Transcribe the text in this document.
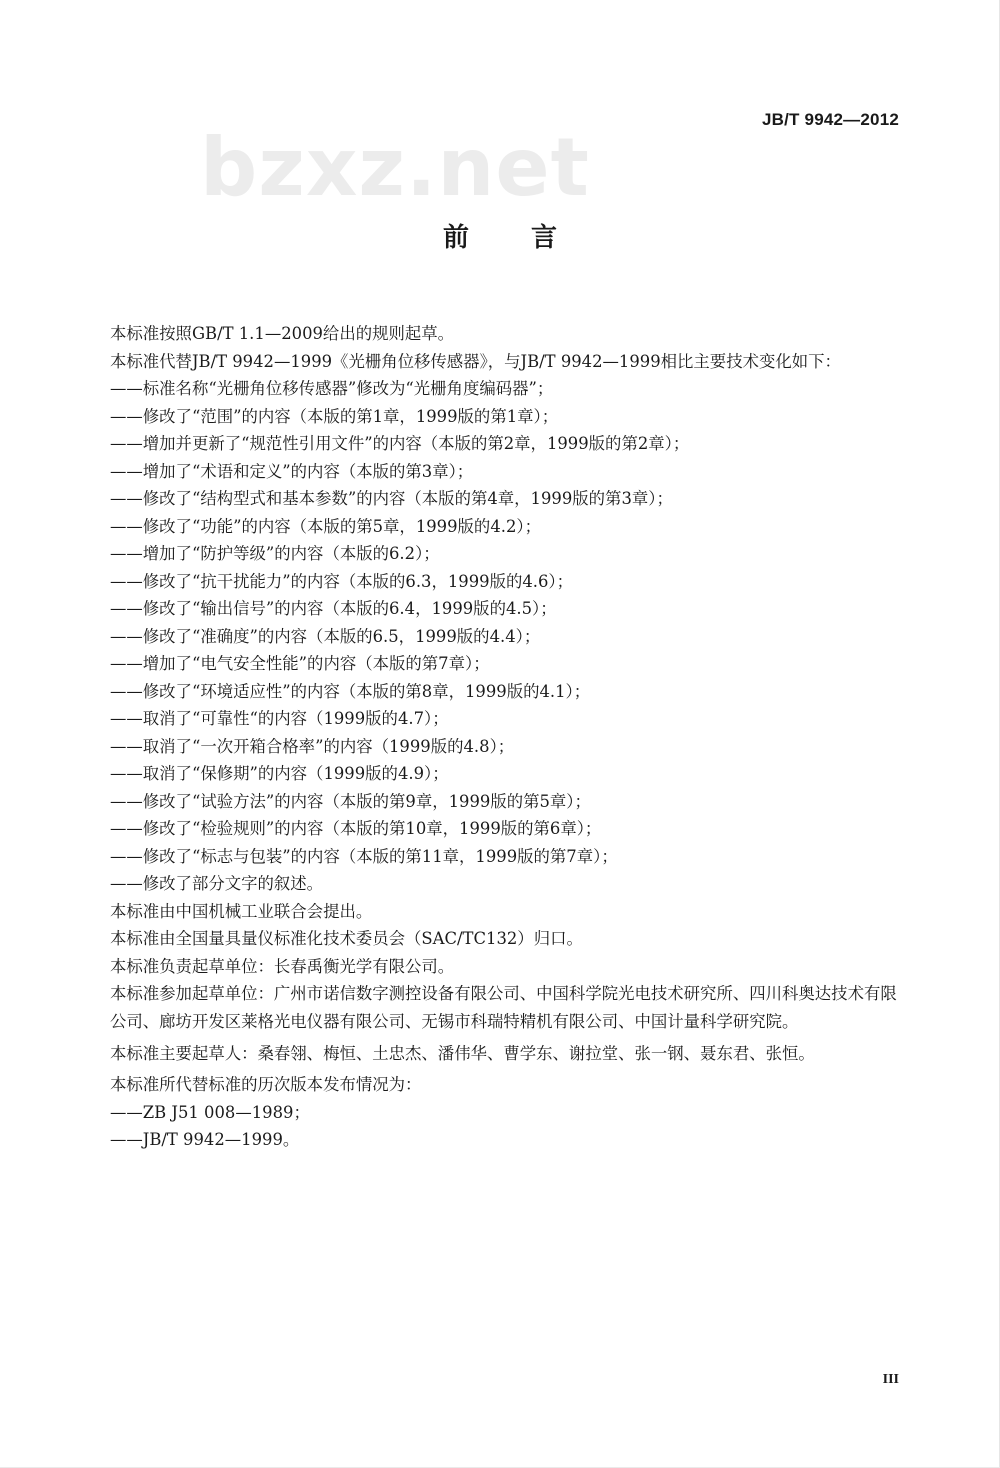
bzxz.net
JB/T 9942—2012
前言

本标准按照GB/T 1.1—2009给出的规则起草。

本标准代替JB/T 9942—1999《光栅角位移传感器》，与JB/T 9942—1999相比主要技术变化如下：

——标准名称“光栅角位移传感器”修改为“光栅角度编码器”；

——修改了“范围”的内容（本版的第1章，1999版的第1章）；

——增加并更新了“规范性引用文件”的内容（本版的第2章，1999版的第2章）；

——增加了“术语和定义”的内容（本版的第3章）；

——修改了“结构型式和基本参数”的内容（本版的第4章，1999版的第3章）；

——修改了“功能”的内容（本版的第5章，1999版的4.2）；

——增加了“防护等级”的内容（本版的6.2）；

——修改了“抗干扰能力”的内容（本版的6.3，1999版的4.6）；

——修改了“输出信号”的内容（本版的6.4，1999版的4.5）；

——修改了“准确度”的内容（本版的6.5，1999版的4.4）；

——增加了“电气安全性能”的内容（本版的第7章）；

——修改了“环境适应性”的内容（本版的第8章，1999版的4.1）；

——取消了“可靠性“的内容（1999版的4.7）；

——取消了“一次开箱合格率”的内容（1999版的4.8）；

——取消了“保修期”的内容（1999版的4.9）；

——修改了“试验方法”的内容（本版的第9章，1999版的第5章）；

——修改了“检验规则”的内容（本版的第10章，1999版的第6章）；

——修改了“标志与包装”的内容（本版的第11章，1999版的第7章）；

——修改了部分文字的叙述。

本标准由中国机械工业联合会提出。

本标准由全国量具量仪标准化技术委员会（SAC/TC132）归口。

本标准负责起草单位：长春禹衡光学有限公司。

本标准参加起草单位：广州市诺信数字测控设备有限公司、中国科学院光电技术研究所、四川科奥达技术有限公司、廊坊开发区莱格光电仪器有限公司、无锡市科瑞特精机有限公司、中国计量科学研究院。

本标准主要起草人：桑春翎、梅恒、土忠杰、潘伟华、曹学东、谢拉堂、张一钢、聂东君、张恒。

本标准所代替标准的历次版本发布情况为：

——ZB J51 008—1989；

——JB/T 9942—1999。

III
